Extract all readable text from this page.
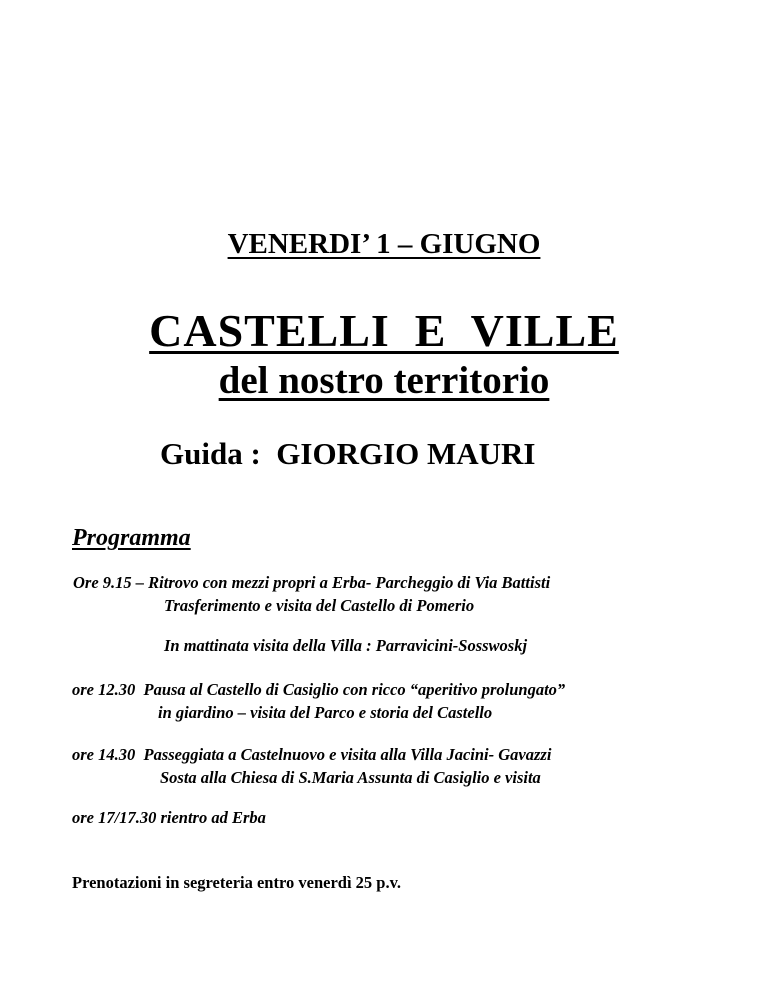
VENERDI’ 1 – GIUGNO
CASTELLI  E  VILLE
del nostro territorio
Guida : GIORGIO MAURI
Programma
Ore 9.15 – Ritrovo con mezzi propri a Erba- Parcheggio di Via Battisti
Trasferimento e visita del Castello di Pomerio
In mattinata visita della Villa : Parravicini-Sosswoskj
ore 12.30  Pausa al Castello di Casiglio con ricco “aperitivo prolungato”
in giardino – visita del Parco e storia del Castello
ore 14.30  Passeggiata a Castelnuovo e visita alla Villa Jacini- Gavazzi
Sosta alla Chiesa di S.Maria Assunta di Casiglio e visita
ore 17/17.30 rientro ad Erba
Prenotazioni in segreteria entro venerdì 25 p.v.
